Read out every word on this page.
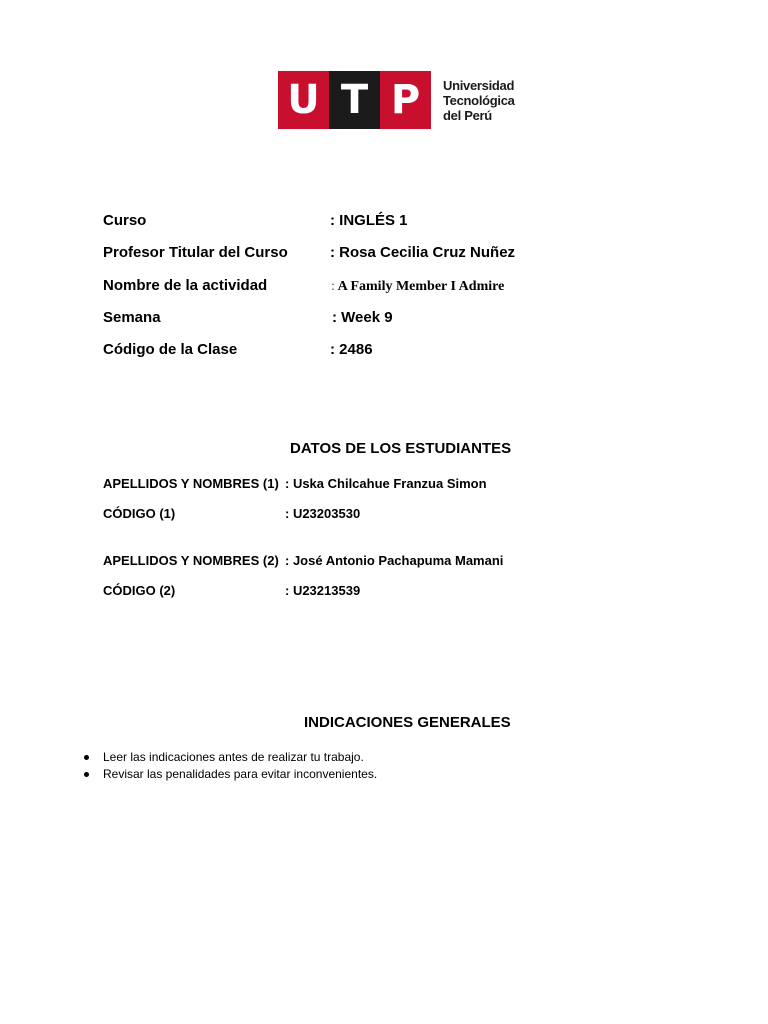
U T P	Universidad
Tecnológica
del Perú
Curso	: INGLÉS 1
Profesor Titular del Curso	: Rosa Cecilia Cruz Nuñez
Nombre de la actividad	: A Family Member I Admire
Semana	: Week 9
Código de la Clase	: 2486
DATOS DE LOS ESTUDIANTES
APELLIDOS Y NOMBRES (1) : Uska Chilcahue Franzua Simon
CÓDIGO (1)	: U23203530
APELLIDOS Y NOMBRES (2) : José Antonio Pachapuma Mamani
CÓDIGO (2)	: U23213539
INDICACIONES GENERALES
Leer las indicaciones antes de realizar tu trabajo.
Revisar las penalidades para evitar inconvenientes.
